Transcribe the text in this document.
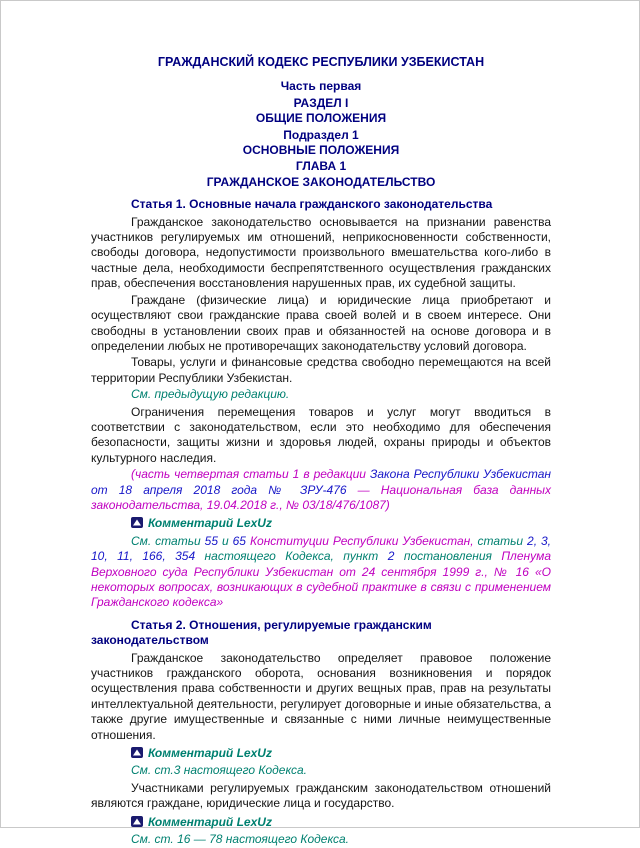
ГРАЖДАНСКИЙ КОДЕКС РЕСПУБЛИКИ УЗБЕКИСТАН
Часть первая
РАЗДЕЛ I
ОБЩИЕ ПОЛОЖЕНИЯ
Подраздел 1
ОСНОВНЫЕ ПОЛОЖЕНИЯ
ГЛАВА 1
ГРАЖДАНСКОЕ ЗАКОНОДАТЕЛЬСТВО
Статья 1. Основные начала гражданского законодательства

Гражданское законодательство основывается на признании равенства участников регулируемых им отношений, неприкосновенности собственности, свободы договора, недопустимости произвольного вмешательства кого-либо в частные дела, необходимости беспрепятственного осуществления гражданских прав, обеспечения восстановления нарушенных прав, их судебной защиты.

Граждане (физические лица) и юридические лица приобретают и осуществляют свои гражданские права своей волей и в своем интересе. Они свободны в установлении своих прав и обязанностей на основе договора и в определении любых не противоречащих законодательству условий договора.

Товары, услуги и финансовые средства свободно перемещаются на всей территории Республики Узбекистан.

См. предыдущую редакцию.

Ограничения перемещения товаров и услуг могут вводиться в соответствии с законодательством, если это необходимо для обеспечения безопасности, защиты жизни и здоровья людей, охраны природы и объектов культурного наследия.

(часть четвертая статьи 1 в редакции Закона Республики Узбекистан от 18 апреля 2018 года № ЗРУ-476 — Национальная база данных законодательства, 19.04.2018 г., № 03/18/476/1087)

Комментарий LexUz

См. статьи 55 и 65 Конституции Республики Узбекистан, статьи 2, 3, 10, 11, 166, 354 настоящего Кодекса, пункт 2 постановления Пленума Верховного суда Республики Узбекистан от 24 сентября 1999 г., № 16 «О некоторых вопросах, возникающих в судебной практике в связи с применением Гражданского кодекса»

Статья 2. Отношения, регулируемые гражданским законодательством

Гражданское законодательство определяет правовое положение участников гражданского оборота, основания возникновения и порядок осуществления права собственности и других вещных прав, прав на результаты интеллектуальной деятельности, регулирует договорные и иные обязательства, а также другие имущественные и связанные с ними личные неимущественные отношения.

Комментарий LexUz

См. ст.3 настоящего Кодекса.

Участниками регулируемых гражданским законодательством отношений являются граждане, юридические лица и государство.

Комментарий LexUz

См. ст. 16 — 78 настоящего Кодекса.
